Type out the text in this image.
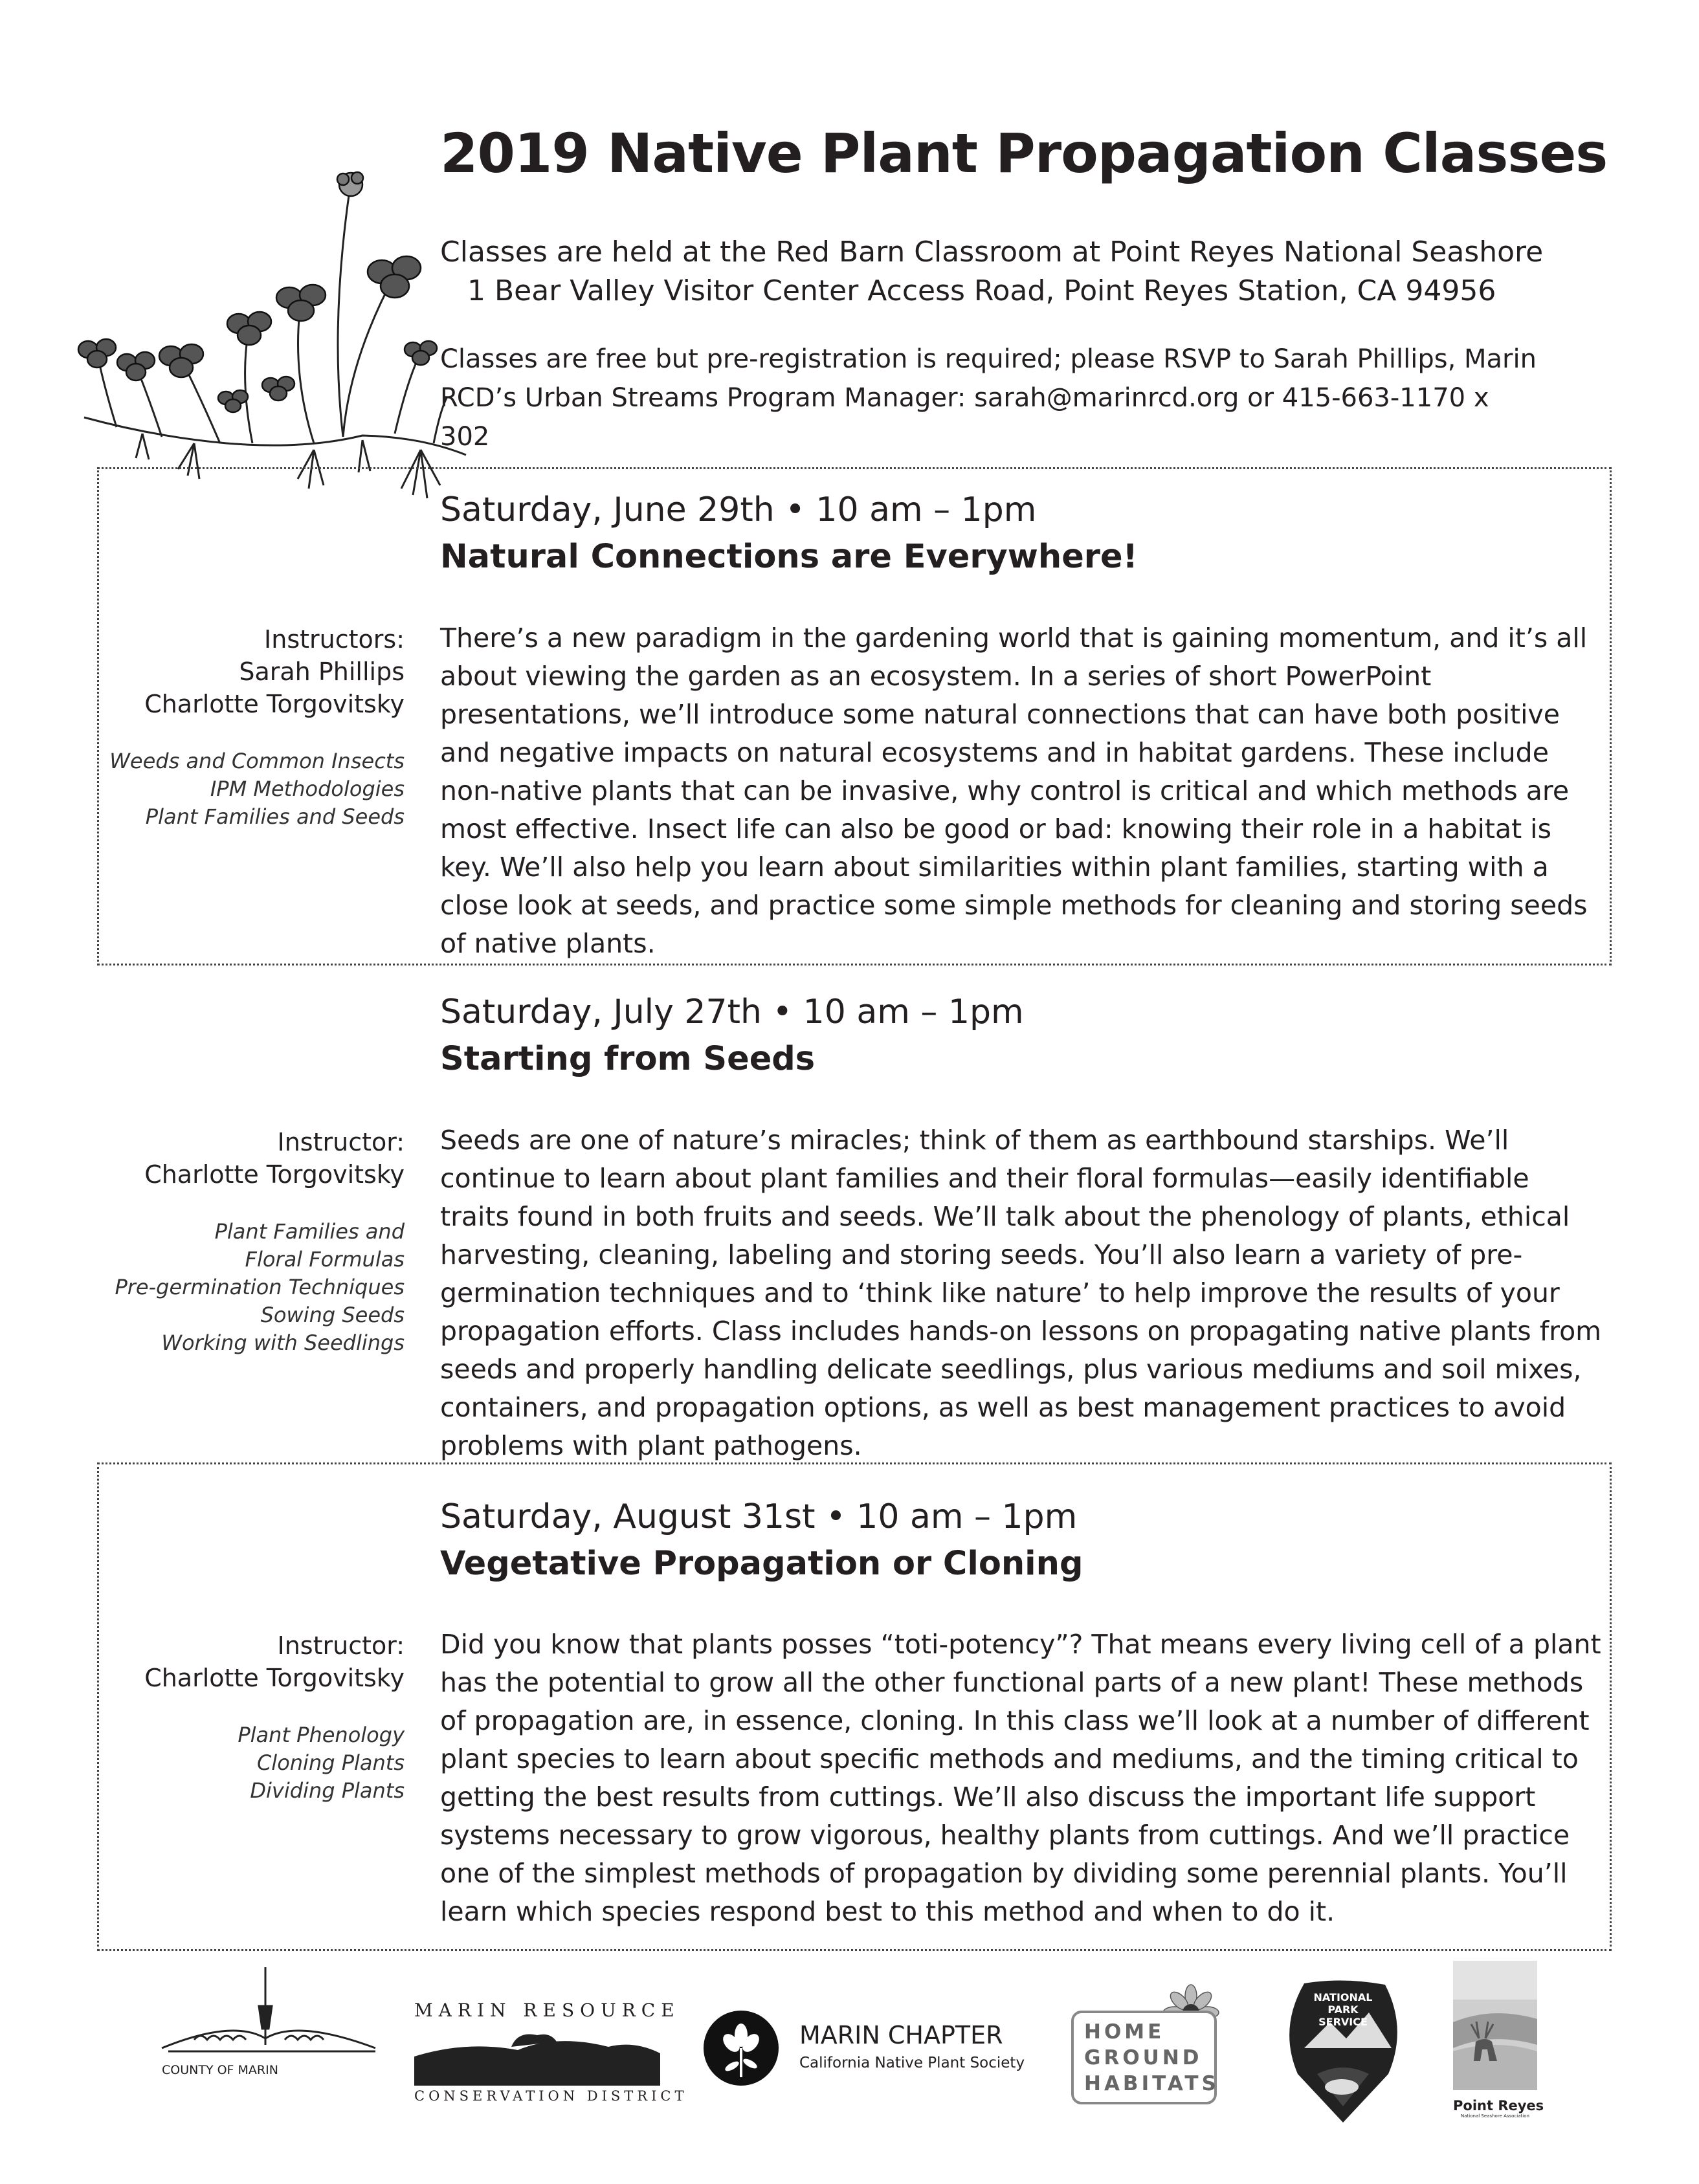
2019 Native Plant Propagation Classes
Classes are held at the Red Barn Classroom at Point Reyes National Seashore
1 Bear Valley Visitor Center Access Road, Point Reyes Station, CA 94956
Classes are free but pre-registration is required; please RSVP to Sarah Phillips, Marin RCD’s Urban Streams Program Manager: sarah@marinrcd.org or 415-663-1170 x 302
Saturday, June 29th • 10 am – 1pm
Natural Connections are Everywhere!
Instructors:
Sarah Phillips
Charlotte Torgovitsky
Weeds and Common Insects
IPM Methodologies
Plant Families and Seeds
There’s a new paradigm in the gardening world that is gaining momentum, and it’s all about viewing the garden as an ecosystem. In a series of short PowerPoint presentations, we’ll introduce some natural connections that can have both positive and negative impacts on natural ecosystems and in habitat gardens. These include non-native plants that can be invasive, why control is critical and which methods are most effective. Insect life can also be good or bad: knowing their role in a habitat is key. We’ll also help you learn about similarities within plant families, starting with a close look at seeds, and practice some simple methods for cleaning and storing seeds of native plants.
Saturday, July 27th • 10 am – 1pm
Starting from Seeds
Instructor:
Charlotte Torgovitsky
Plant Families and
Floral Formulas
Pre-germination Techniques
Sowing Seeds
Working with Seedlings
Seeds are one of nature’s miracles; think of them as earthbound starships. We’ll continue to learn about plant families and their floral formulas—easily identifiable traits found in both fruits and seeds. We’ll talk about the phenology of plants, ethical harvesting, cleaning, labeling and storing seeds. You’ll also learn a variety of pre-germination techniques and to ‘think like nature’ to help improve the results of your propagation efforts. Class includes hands-on lessons on propagating native plants from seeds and properly handling delicate seedlings, plus various mediums and soil mixes, containers, and propagation options, as well as best management practices to avoid problems with plant pathogens.
Saturday, August 31st • 10 am – 1pm
Vegetative Propagation or Cloning
Instructor:
Charlotte Torgovitsky
Plant Phenology
Cloning Plants
Dividing Plants
Did you know that plants posses “toti-potency”? That means every living cell of a plant has the potential to grow all the other functional parts of a new plant! These methods of propagation are, in essence, cloning. In this class we’ll look at a number of different plant species to learn about specific methods and mediums, and the timing critical to getting the best results from cuttings. We’ll also discuss the important life support systems necessary to grow vigorous, healthy plants from cuttings. And we’ll practice one of the simplest methods of propagation by dividing some perennial plants. You’ll learn which species respond best to this method and when to do it.
COUNTY OF MARIN
MARIN RESOURCE
CONSERVATION DISTRICT
MARIN CHAPTER
California Native Plant Society
HOME
GROUND
HABITATS
NATIONAL
PARK
SERVICE
Point Reyes
National Seashore Association
